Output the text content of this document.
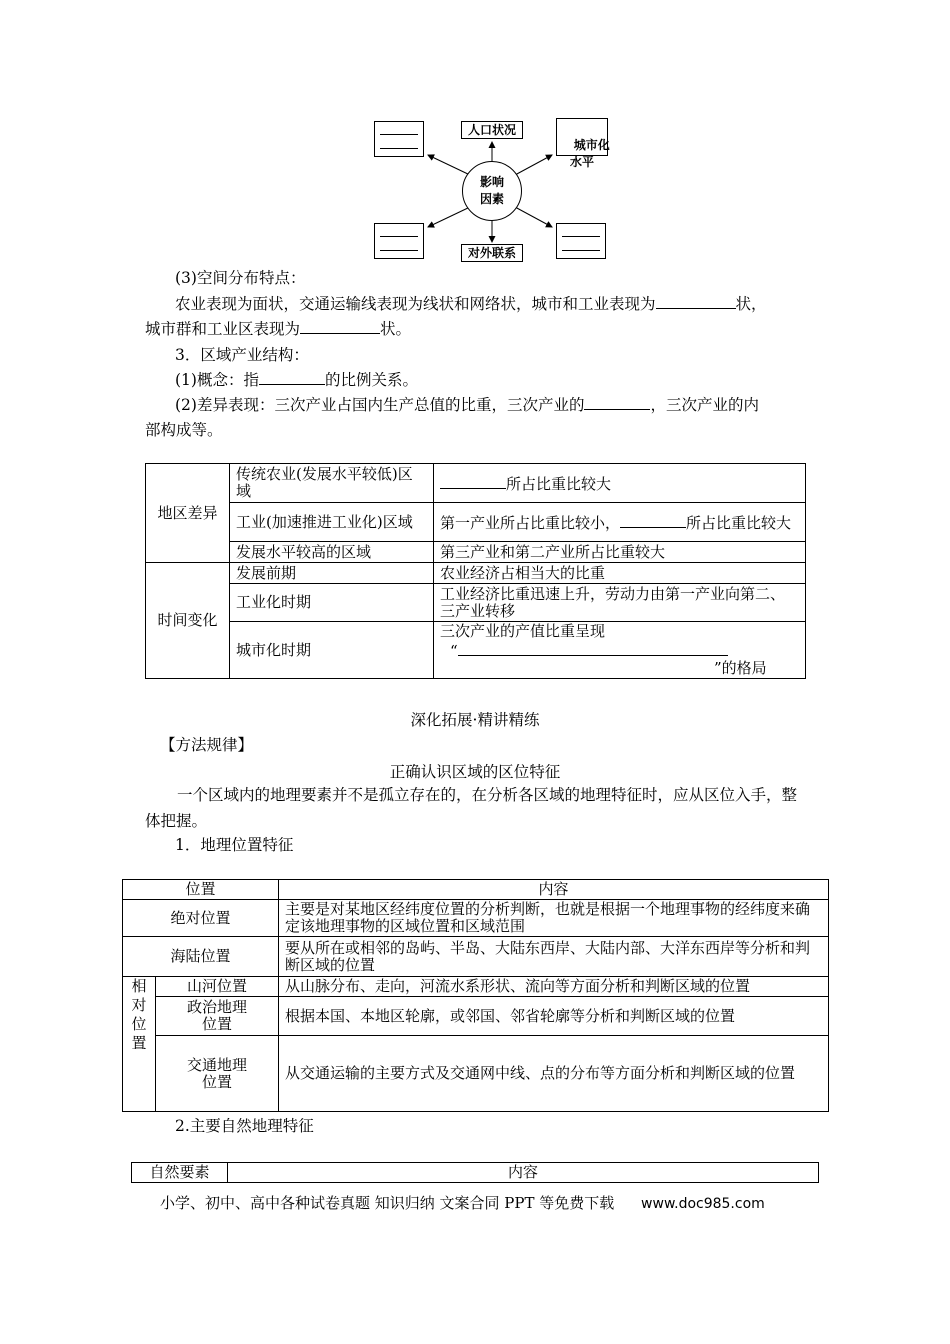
影响
因素
人口状况

城市化
水平

对外联系
(3)空间分布特点：
农业表现为面状，交通运输线表现为线状和网络状，城市和工业表现为	状，
城市群和工业区表现为	状。
3．区域产业结构：
(1)概念：指	的比例关系。
(2)差异表现：三次产业占国内生产总值的比重，三次产业的	，三次产业的内
部构成等。
地区差异	传统农业(发展水平较低)区域	所占比重比较大
	工业(加速推进工业化)区域	第一产业所占比重比较小， 所占比重比较大
	发展水平较高的区域	第三产业和第二产业所占比重较大
时间变化	发展前期	农业经济占相当大的比重
	工业化时期	工业经济比重迅速上升，劳动力由第一产业向第二、三产业转移
	城市化时期	三次产业的产值比重呈现
“
”的格局
深化拓展·精讲精练
【方法规律】
正确认识区域的区位特征
一个区域内的地理要素并不是孤立存在的，在分析各区域的地理特征时，应从区位入手，整体把握。
1．地理位置特征
位置		内容
绝对位置		主要是对某地区经纬度位置的分析判断，也就是根据一个地理事物的经纬度来确定该地理事物的区域位置和区域范围
海陆位置		要从所在或相邻的岛屿、半岛、大陆东西岸、大陆内部、大洋东西岸等分析和判断区域的位置

相对位置	山河位置	从山脉分布、走向，河流水系形状、流向等方面分析和判断区域的位置

	政治地理位置	根据本国、本地区轮廓，或邻国、邻省轮廓等分析和判断区域的位置

	交通地理位置	从交通运输的主要方式及交通网中线、点的分布等方面分析和判断区域的位置
2.主要自然地理特征
自然要素	内容
小学、初中、高中各种试卷真题 知识归纳 文案合同 PPT 等免费下载 www.doc985.com
